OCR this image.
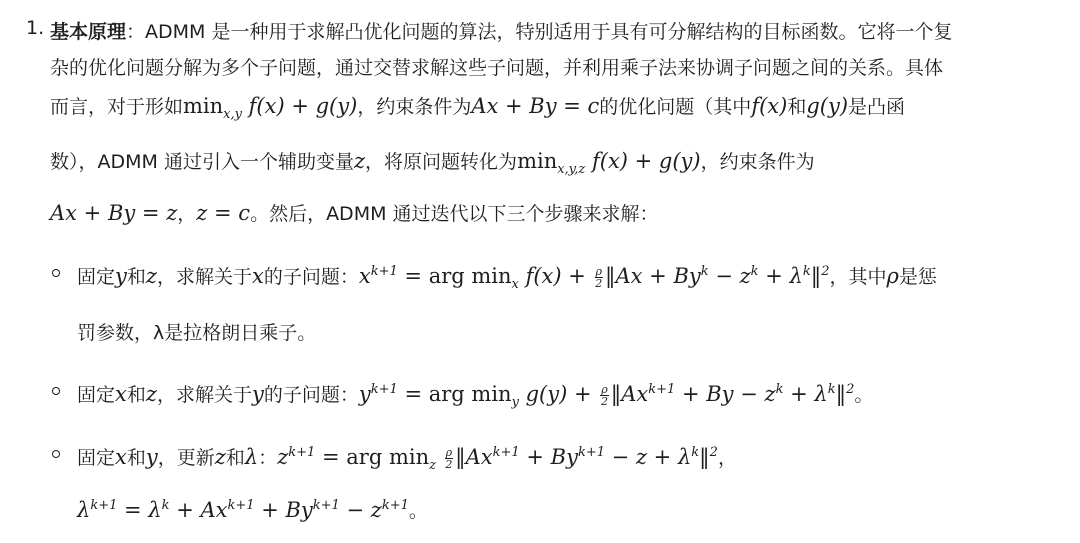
1. 基本原理：ADMM 是一种用于求解凸优化问题的算法，特别适用于具有可分解结构的目标函数。它将一个复
杂的优化问题分解为多个子问题，通过交替求解这些子问题，并利用乘子法来协调子问题之间的关系。具体
而言，对于形如$\min_{x,y} f(x) + g(y)$，约束条件为Ax + By = c的优化问题（其中f(x)和g(y)是凸函
数），ADMM 通过引入一个辅助变量z，将原问题转化为$\min_{x,y,z} f(x) + g(y)$，约束条件为
Ax + By = z，z = c。然后，ADMM 通过迭代以下三个步骤来求解：
固定y和z，求解关于x的子问题：$x^{k+1}$ = arg $\min_x f(x) + \frac{\rho}{2}$ ‖Ax + $By^k - z^k$ + $\lambda^k‖^2$，其中ρ是惩
罚参数，λ是拉格朗日乘子。
固定x和z，求解关于y的子问题：$y^{k+1}$ = arg $\min_y g(y) + \frac{\rho}{2}$ $‖Ax^{k+1} + By - z^k$ + $\lambda^k‖^2$。
固定x和y，更新z和λ：$z^{k+1}$ = arg $\min_z \frac{\rho}{2}$ $‖Ax^{k+1} + By^{k+1} - z$ + $\lambda^k‖^2$，
$\lambda^{k+1} = \lambda^k + Ax^{k+1} + By^{k+1} - z^{k+1}$。
